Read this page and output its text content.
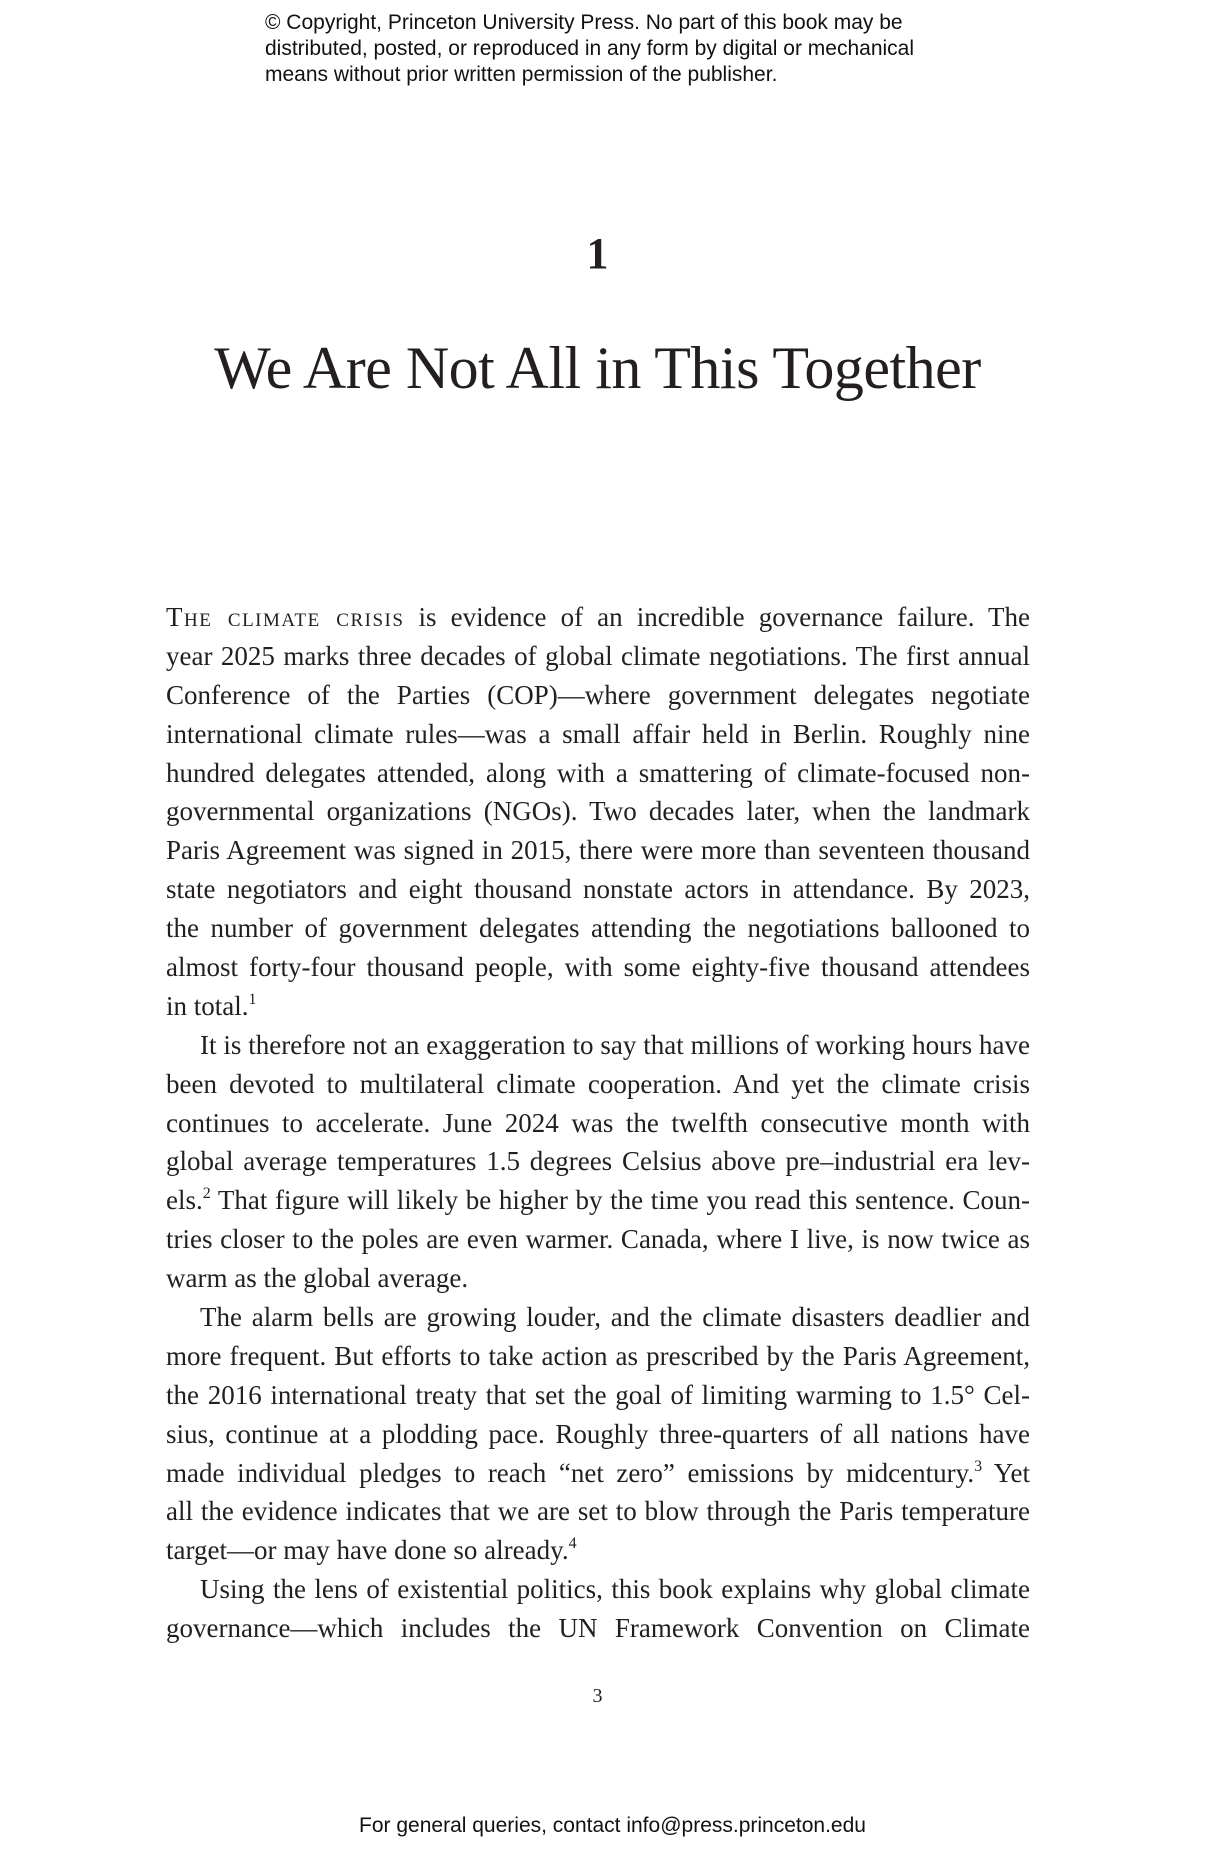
© Copyright, Princeton University Press. No part of this book may be
distributed, posted, or reproduced in any form by digital or mechanical
means without prior written permission of the publisher.
1
We Are Not All in This Together
The climate crisis is evidence of an incredible governance failure. The
year 2025 marks three decades of global climate negotiations. The first annual
Conference of the Parties (COP)—where government delegates negotiate
international climate rules—was a small affair held in Berlin. Roughly nine
hundred delegates attended, along with a smattering of climate-focused non-
governmental organizations (NGOs). Two decades later, when the landmark
Paris Agreement was signed in 2015, there were more than seventeen thousand
state negotiators and eight thousand nonstate actors in attendance. By 2023,
the number of government delegates attending the negotiations ballooned to
almost forty-four thousand people, with some eighty-five thousand attendees
in total.$^1$
It is therefore not an exaggeration to say that millions of working hours have
been devoted to multilateral climate cooperation. And yet the climate crisis
continues to accelerate. June 2024 was the twelfth consecutive month with
global average temperatures 1.5 degrees Celsius above pre–industrial era lev-
els.$^2$ That figure will likely be higher by the time you read this sentence. Coun-
tries closer to the poles are even warmer. Canada, where I live, is now twice as
warm as the global average.
The alarm bells are growing louder, and the climate disasters deadlier and
more frequent. But efforts to take action as prescribed by the Paris Agreement,
the 2016 international treaty that set the goal of limiting warming to 1.5° Cel-
sius, continue at a plodding pace. Roughly three-quarters of all nations have
made individual pledges to reach “net zero” emissions by midcentury.$^3$ Yet
all the evidence indicates that we are set to blow through the Paris temperature
target—or may have done so already.$^4$
Using the lens of existential politics, this book explains why global climate
governance—which includes the UN Framework Convention on Climate
3
For general queries, contact info@press.princeton.edu
